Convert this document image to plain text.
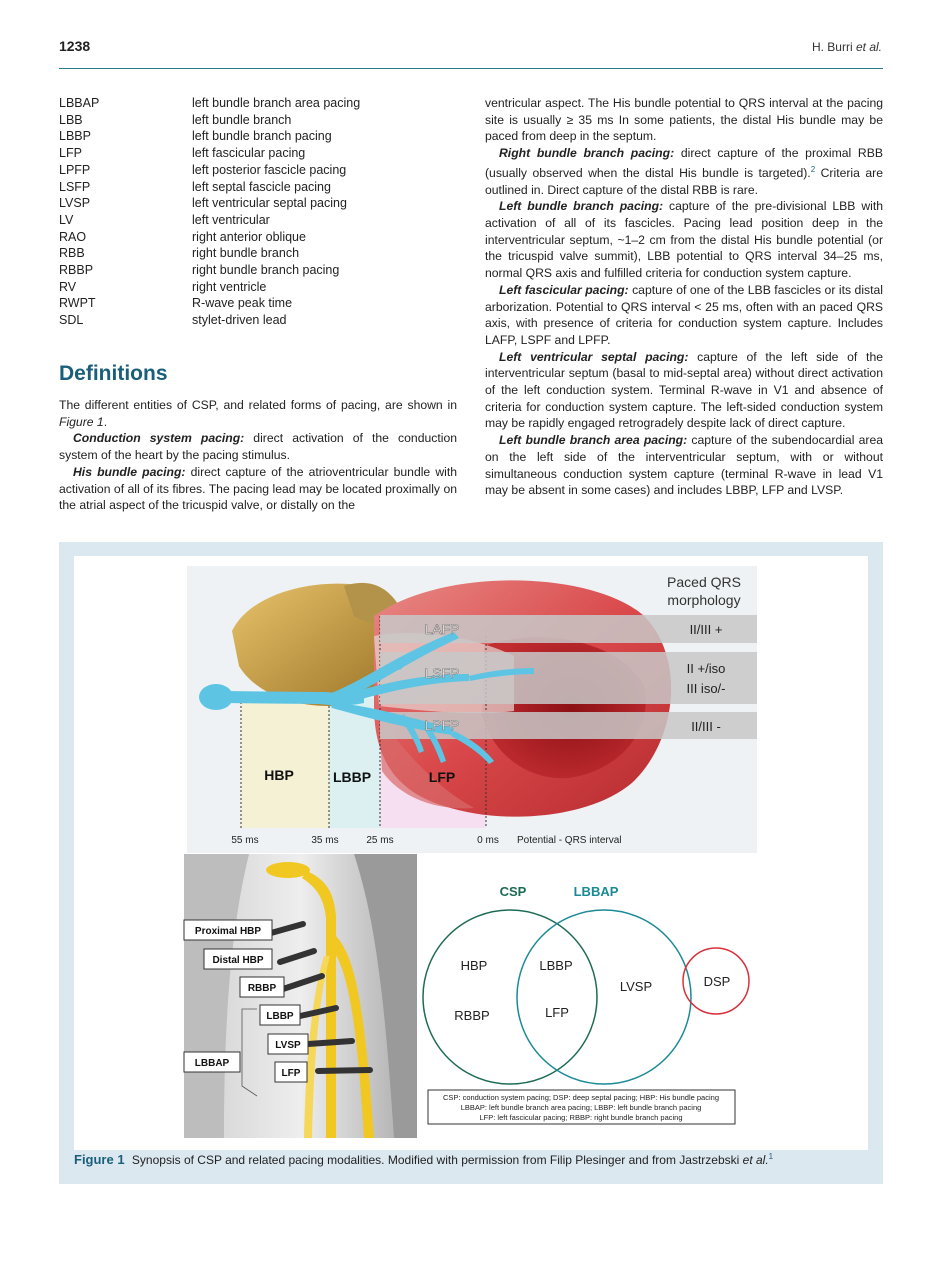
1238	H. Burri et al.
LBBAP	left bundle branch area pacing
LBB	left bundle branch
LBBP	left bundle branch pacing
LFP	left fascicular pacing
LPFP	left posterior fascicle pacing
LSFP	left septal fascicle pacing
LVSP	left ventricular septal pacing
LV	left ventricular
RAO	right anterior oblique
RBB	right bundle branch
RBBP	right bundle branch pacing
RV	right ventricle
RWPT	R-wave peak time
SDL	stylet-driven lead
Definitions

The different entities of CSP, and related forms of pacing, are shown in Figure 1.

Conduction system pacing: direct activation of the conduction system of the heart by the pacing stimulus.

His bundle pacing: direct capture of the atrioventricular bundle with activation of all of its fibres. The pacing lead may be located proximally on the atrial aspect of the tricuspid valve, or distally on the

ventricular aspect. The His bundle potential to QRS interval at the pacing site is usually ≥ 35 ms In some patients, the distal His bundle may be paced from deep in the septum.

Right bundle branch pacing: direct capture of the proximal RBB (usually observed when the distal His bundle is targeted).$^2$ Criteria are outlined in. Direct capture of the distal RBB is rare.

Left bundle branch pacing: capture of the pre-divisional LBB with activation of all of its fascicles. Pacing lead position deep in the interventricular septum, ~1–2 cm from the distal His bundle potential (or the tricuspid valve summit), LBB potential to QRS interval 34–25 ms, normal QRS axis and fulfilled criteria for conduction system capture.

Left fascicular pacing: capture of one of the LBB fascicles or its distal arborization. Potential to QRS interval < 25 ms, often with an paced QRS axis, with presence of criteria for conduction system capture. Includes LAFP, LSPF and LPFP.

Left ventricular septal pacing: capture of the left side of the interventricular septum (basal to mid-septal area) without direct activation of the left conduction system. Terminal R-wave in V1 and absence of criteria for conduction system capture. The left-sided conduction system may be rapidly engaged retrogradely despite lack of direct capture.

Left bundle branch area pacing: capture of the subendocardial area on the left side of the interventricular septum, with or without simultaneous conduction system capture (terminal R-wave in lead V1 may be absent in some cases) and includes LBBP, LFP and LVSP.

Paced QRS
morphology
II/III +
II +/iso
III iso/-
II/III -
LAFP
LSFP
LPFP
HBP	LBBP	LFP
55 ms	35 ms	25 ms	0 ms Potential - QRS interval
Proximal HBP
Distal HBP
RBBP
LBBP
LVSP
LFP
LBBAP
CSP	LBBAP
HBP
RBBP
LBBP
LFP
LVSP	DSP
CSP: conduction system pacing; DSP: deep septal pacing; HBP: His bundle pacing
LBBAP: left bundle branch area pacing; LBBP: left bundle branch pacing
LFP: left fascicular pacing; RBBP: right bundle branch pacing
Figure 1 Synopsis of CSP and related pacing modalities. Modified with permission from Filip Plesinger and from Jastrzebski et al.$^1$
